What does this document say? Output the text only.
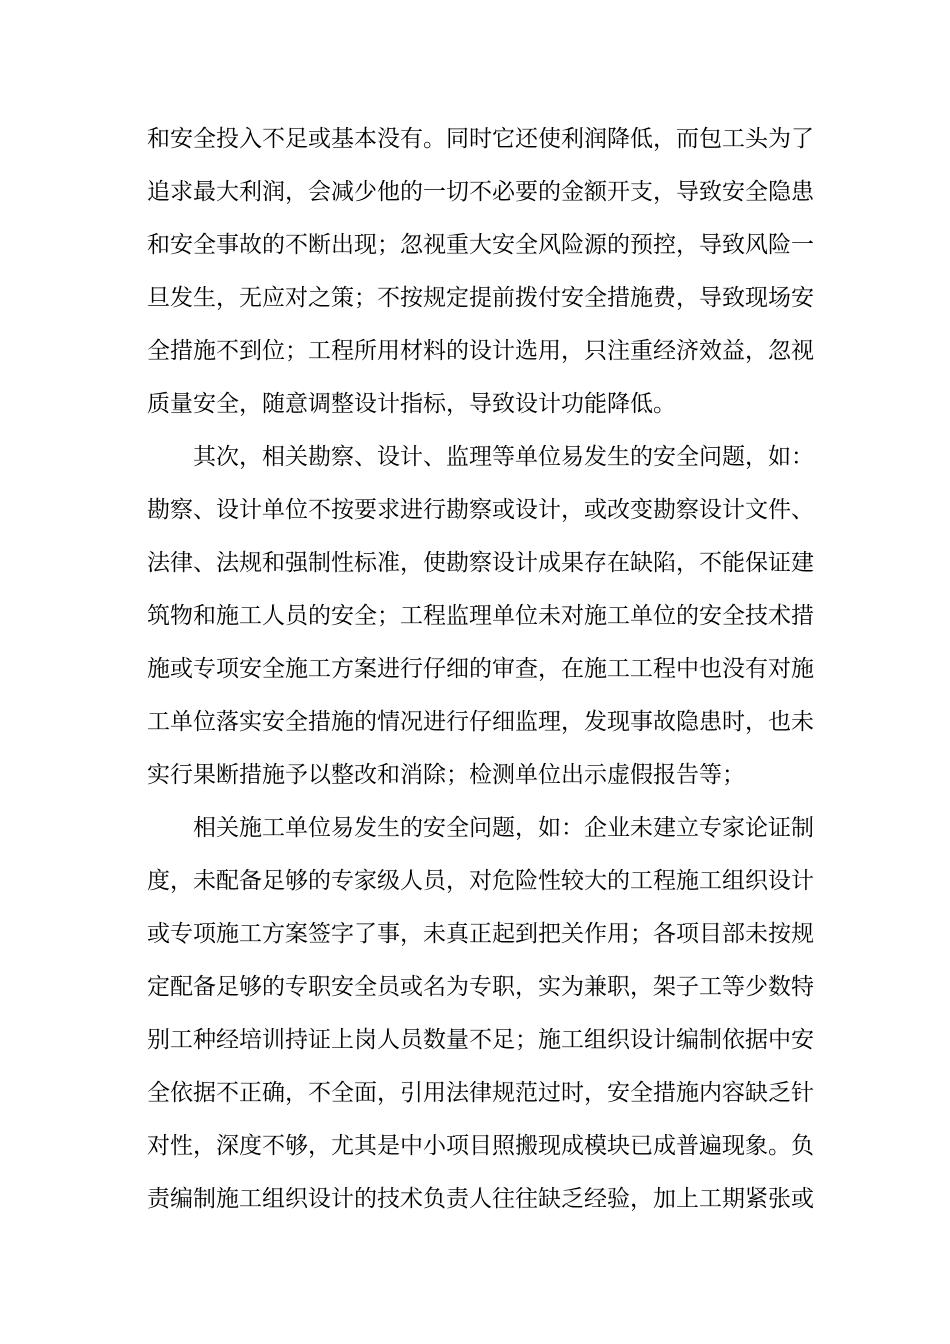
和安全投入不足或基本没有。同时它还使利润降低，而包工头为了
追求最大利润，会减少他的一切不必要的金额开支，导致安全隐患
和安全事故的不断出现；忽视重大安全风险源的预控，导致风险一
旦发生，无应对之策；不按规定提前拨付安全措施费，导致现场安
全措施不到位；工程所用材料的设计选用，只注重经济效益，忽视
质量安全，随意调整设计指标，导致设计功能降低。
其次，相关勘察、设计、监理等单位易发生的安全问题，如：
勘察、设计单位不按要求进行勘察或设计，或改变勘察设计文件、
法律、法规和强制性标准，使勘察设计成果存在缺陷，不能保证建
筑物和施工人员的安全；工程监理单位未对施工单位的安全技术措
施或专项安全施工方案进行仔细的审查，在施工工程中也没有对施
工单位落实安全措施的情况进行仔细监理，发现事故隐患时，也未
实行果断措施予以整改和消除；检测单位出示虚假报告等；
相关施工单位易发生的安全问题，如：企业未建立专家论证制
度，未配备足够的专家级人员，对危险性较大的工程施工组织设计
或专项施工方案签字了事，未真正起到把关作用；各项目部未按规
定配备足够的专职安全员或名为专职，实为兼职，架子工等少数特
别工种经培训持证上岗人员数量不足；施工组织设计编制依据中安
全依据不正确，不全面，引用法律规范过时，安全措施内容缺乏针
对性，深度不够，尤其是中小项目照搬现成模块已成普遍现象。负
责编制施工组织设计的技术负责人往往缺乏经验，加上工期紧张或
